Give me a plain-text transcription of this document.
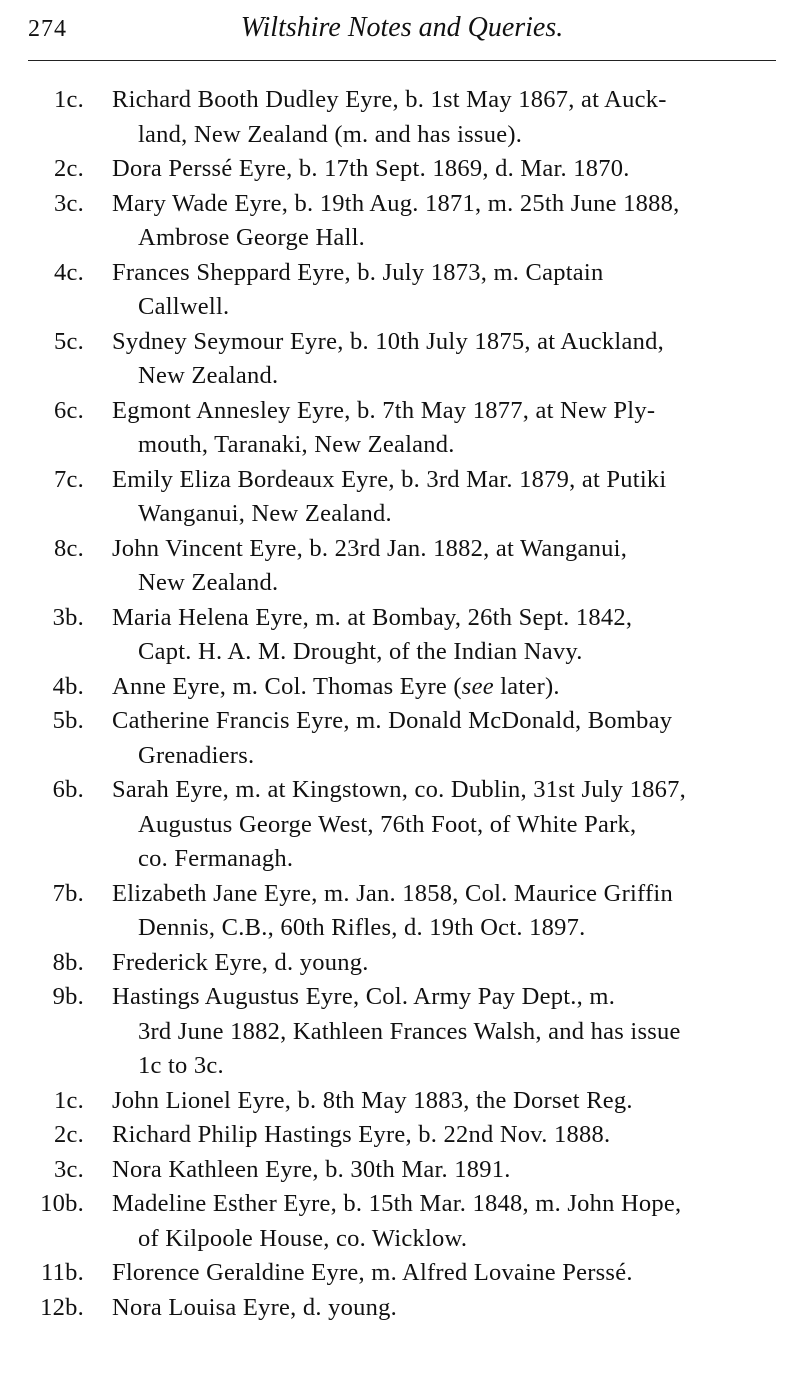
274	Wiltshire Notes and Queries.
1c. Richard Booth Dudley Eyre, b. 1st May 1867, at Auck-
land, New Zealand (m. and has issue).
2c. Dora Perssé Eyre, b. 17th Sept. 1869, d. Mar. 1870.
3c. Mary Wade Eyre, b. 19th Aug. 1871, m. 25th June 1888,
Ambrose George Hall.
4c. Frances Sheppard Eyre, b. July 1873, m. Captain
Callwell.
5c. Sydney Seymour Eyre, b. 10th July 1875, at Auckland,
New Zealand.
6c. Egmont Annesley Eyre, b. 7th May 1877, at New Ply-
mouth, Taranaki, New Zealand.
7c. Emily Eliza Bordeaux Eyre, b. 3rd Mar. 1879, at Putiki
Wanganui, New Zealand.
8c. John Vincent Eyre, b. 23rd Jan. 1882, at Wanganui,
New Zealand.
3b. Maria Helena Eyre, m. at Bombay, 26th Sept. 1842,
Capt. H. A. M. Drought, of the Indian Navy.
4b. Anne Eyre, m. Col. Thomas Eyre (see later).
5b. Catherine Francis Eyre, m. Donald McDonald, Bombay
Grenadiers.
6b. Sarah Eyre, m. at Kingstown, co. Dublin, 31st July 1867,
Augustus George West, 76th Foot, of White Park,
co. Fermanagh.
7b. Elizabeth Jane Eyre, m. Jan. 1858, Col. Maurice Griffin
Dennis, C.B., 60th Rifles, d. 19th Oct. 1897.
8b. Frederick Eyre, d. young.
9b. Hastings Augustus Eyre, Col. Army Pay Dept., m.
3rd June 1882, Kathleen Frances Walsh, and has issue
1c to 3c.
1c. John Lionel Eyre, b. 8th May 1883, the Dorset Reg.
2c. Richard Philip Hastings Eyre, b. 22nd Nov. 1888.
3c. Nora Kathleen Eyre, b. 30th Mar. 1891.
10b. Madeline Esther Eyre, b. 15th Mar. 1848, m. John Hope,
of Kilpoole House, co. Wicklow.
11b. Florence Geraldine Eyre, m. Alfred Lovaine Perssé.
12b. Nora Louisa Eyre, d. young.
